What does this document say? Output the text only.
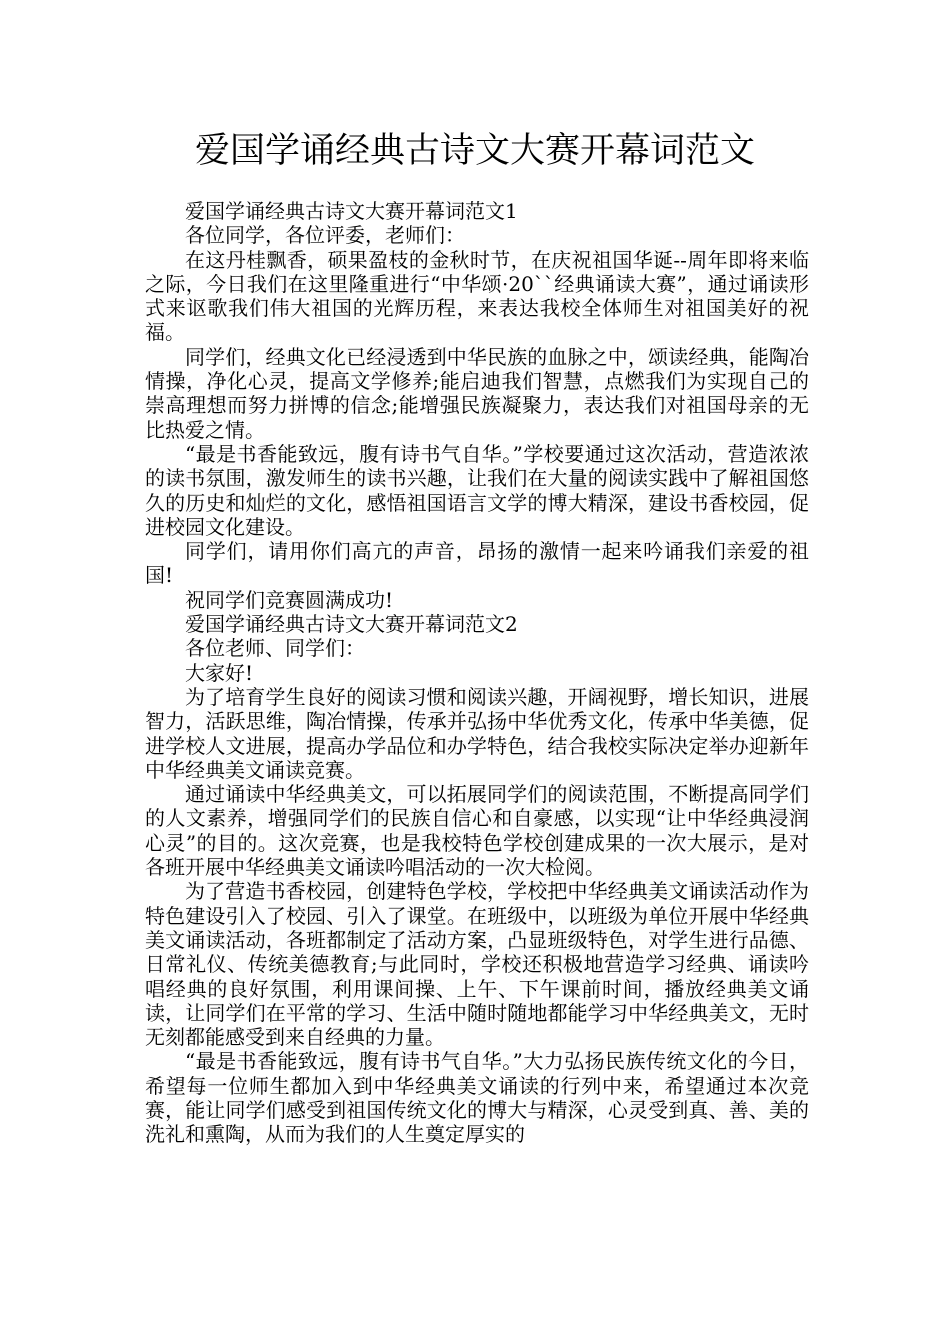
爱国学诵经典古诗文大赛开幕词范文

爱国学诵经典古诗文大赛开幕词范文1

各位同学，各位评委，老师们：

在这丹桂飘香，硕果盈枝的金秋时节，在庆祝祖国华诞--周年即将来临之际，今日我们在这里隆重进行“中华颂·20``经典诵读大赛”，通过诵读形式来讴歌我们伟大祖国的光辉历程，来表达我校全体师生对祖国美好的祝福。

同学们，经典文化已经浸透到中华民族的血脉之中，颂读经典，能陶冶情操，净化心灵，提高文学修养;能启迪我们智慧，点燃我们为实现自己的崇高理想而努力拼博的信念;能增强民族凝聚力，表达我们对祖国母亲的无比热爱之情。

“最是书香能致远，腹有诗书气自华。”学校要通过这次活动，营造浓浓的读书氛围，激发师生的读书兴趣，让我们在大量的阅读实践中了解祖国悠久的历史和灿烂的文化，感悟祖国语言文学的博大精深，建设书香校园，促进校园文化建设。

同学们，请用你们高亢的声音，昂扬的激情一起来吟诵我们亲爱的祖国!

祝同学们竞赛圆满成功!

爱国学诵经典古诗文大赛开幕词范文2

各位老师、同学们：

大家好!

为了培育学生良好的阅读习惯和阅读兴趣，开阔视野，增长知识，进展智力，活跃思维，陶冶情操，传承并弘扬中华优秀文化，传承中华美德，促进学校人文进展，提高办学品位和办学特色，结合我校实际决定举办迎新年中华经典美文诵读竞赛。

通过诵读中华经典美文，可以拓展同学们的阅读范围，不断提高同学们的人文素养，增强同学们的民族自信心和自豪感，以实现“让中华经典浸润心灵”的目的。这次竞赛，也是我校特色学校创建成果的一次大展示，是对各班开展中华经典美文诵读吟唱活动的一次大检阅。

为了营造书香校园，创建特色学校，学校把中华经典美文诵读活动作为特色建设引入了校园、引入了课堂。在班级中，以班级为单位开展中华经典美文诵读活动，各班都制定了活动方案，凸显班级特色，对学生进行品德、日常礼仪、传统美德教育;与此同时，学校还积极地营造学习经典、诵读吟唱经典的良好氛围，利用课间操、上午、下午课前时间，播放经典美文诵读，让同学们在平常的学习、生活中随时随地都能学习中华经典美文，无时无刻都能感受到来自经典的力量。

“最是书香能致远，腹有诗书气自华。”大力弘扬民族传统文化的今日，希望每一位师生都加入到中华经典美文诵读的行列中来，希望通过本次竞赛，能让同学们感受到祖国传统文化的博大与精深，心灵受到真、善、美的洗礼和熏陶，从而为我们的人生奠定厚实的
